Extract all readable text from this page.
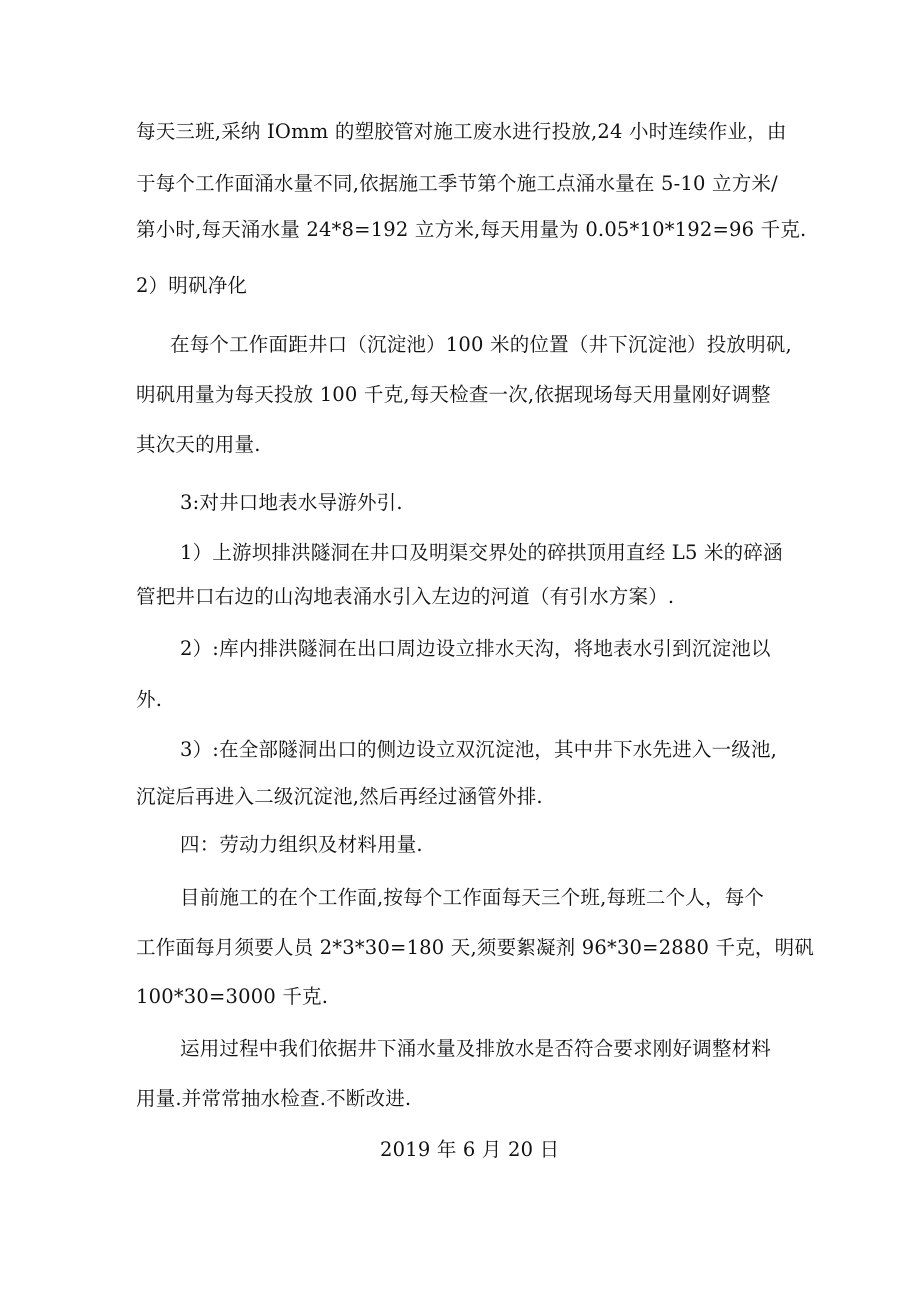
每天三班,采纳 IOmm 的塑胶管对施工废水进行投放,24 小时连续作业，由
于每个工作面涌水量不同,依据施工季节第个施工点涌水量在 5-10 立方米/
第小时,每天涌水量 24*8=192 立方米,每天用量为 0.05*10*192=96 千克.
2）明矾净化
在每个工作面距井口（沉淀池）100 米的位置（井下沉淀池）投放明矾,
明矾用量为每天投放 100 千克,每天检查一次,依据现场每天用量刚好调整
其次天的用量.
3:对井口地表水导游外引.
1）上游坝排洪隧洞在井口及明渠交界处的碎拱顶用直经 L5 米的碎涵
管把井口右边的山沟地表涌水引入左边的河道（有引水方案）.
2）:库内排洪隧洞在出口周边设立排水天沟，将地表水引到沉淀池以
外.
3）:在全部隧洞出口的侧边设立双沉淀池，其中井下水先进入一级池,
沉淀后再进入二级沉淀池,然后再经过涵管外排.
四：劳动力组织及材料用量.
目前施工的在个工作面,按每个工作面每天三个班,每班二个人，每个
工作面每月须要人员 2*3*30=180 天,须要絮凝剂 96*30=2880 千克，明矾
100*30=3000 千克.
运用过程中我们依据井下涌水量及排放水是否符合要求刚好调整材料
用量.并常常抽水检查.不断改进.
2019 年 6 月 20 日
